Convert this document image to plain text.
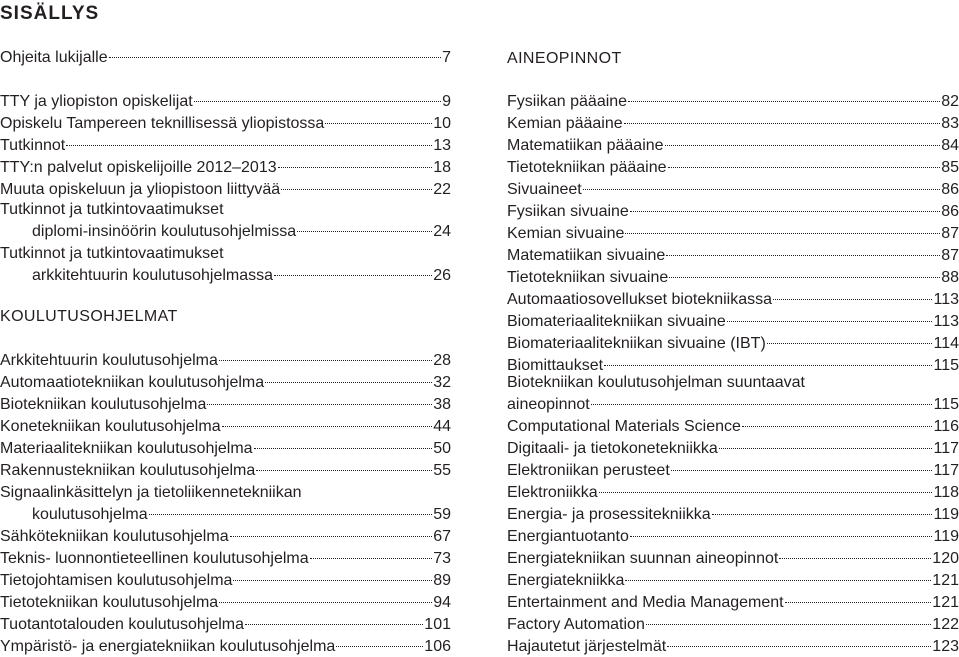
SISÄLLYS
Ohjeita lukijalle	7
TTY ja yliopiston opiskelijat	9
Opiskelu Tampereen teknillisessä yliopistossa	10
Tutkinnot	13
TTY:n palvelut opiskelijoille 2012–2013	18
Muuta opiskeluun ja yliopistoon liittyvää	22
Tutkinnot ja tutkintovaatimukset
diplomi-insinöörin koulutusohjelmissa	24
Tutkinnot ja tutkintovaatimukset
arkkitehtuurin koulutusohjelmassa	26
KOULUTUSOHJELMAT
Arkkitehtuurin koulutusohjelma	28
Automaatiotekniikan koulutusohjelma	32
Biotekniikan koulutusohjelma	38
Konetekniikan koulutusohjelma	44
Materiaalitekniikan koulutusohjelma	50
Rakennustekniikan koulutusohjelma	55
Signaalinkäsittelyn ja tietoliikennetekniikan
koulutusohjelma	59
Sähkötekniikan koulutusohjelma	67
Teknis- luonnontieteellinen koulutusohjelma	73
Tietojohtamisen koulutusohjelma	89
Tietotekniikan koulutusohjelma	94
Tuotantotalouden koulutusohjelma	101
Ympäristö- ja energiatekniikan koulutusohjelma	106
AINEOPINNOT
Fysiikan pääaine	82
Kemian pääaine	83
Matematiikan pääaine	84
Tietotekniikan pääaine	85
Sivuaineet	86
Fysiikan sivuaine	86
Kemian sivuaine	87
Matematiikan sivuaine	87
Tietotekniikan sivuaine	88
Automaatiosovellukset biotekniikassa	113
Biomateriaalitekniikan sivuaine	113
Biomateriaalitekniikan sivuaine (IBT)	114
Biomittaukset	115
Biotekniikan koulutusohjelman suuntaavat
aineopinnot	115
Computational Materials Science	116
Digitaali- ja tietokonetekniikka	117
Elektroniikan perusteet	117
Elektroniikka	118
Energia- ja prosessitekniikka	119
Energiantuotanto	119
Energiatekniikan suunnan aineopinnot	120
Energiatekniikka	121
Entertainment and Media Management	121
Factory Automation	122
Hajautetut järjestelmät	123
